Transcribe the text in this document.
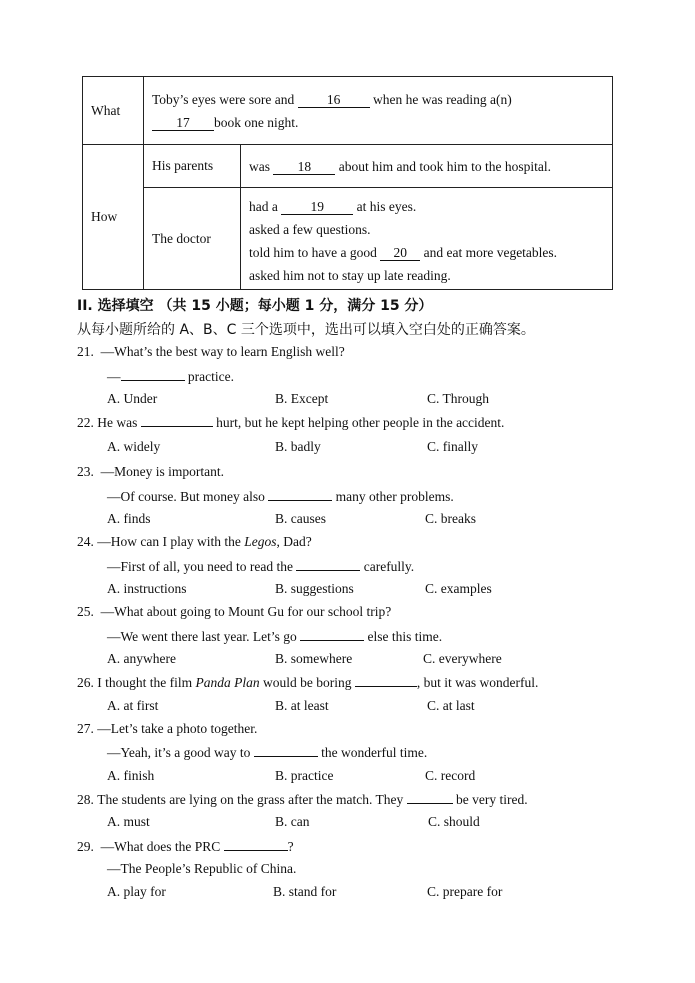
What	Toby’s eyes were sore and 16 when he was reading a(n)
17 book one night.	

How	His parents	was 18 about him and took him to the hospital.

	The doctor	had a 19 at his eyes.
asked a few questions.
told him to have a good 20 and eat more vegetables.
asked him not to stay up late reading.
II. 选择填空 （共 15 小题；每小题 1 分，满分 15 分）
从每小题所给的 A、B、C 三个选项中，选出可以填入空白处的正确答案。
21. —What’s the best way to learn English well?
—	practice.
A. Under	B. Except	C. Through
22. He was	hurt, but he kept helping other people in the accident.
A. widely	B. badly	C. finally
23. —Money is important.
—Of course. But money also	many other problems.
A. finds	B. causes	C. breaks
24. —How can I play with the Legos, Dad?
—First of all, you need to read the	carefully.
A. instructions	B. suggestions	C. examples
25. —What about going to Mount Gu for our school trip?
—We went there last year. Let’s go	else this time.
A. anywhere	B. somewhere	C. everywhere
26. I thought the film Panda Plan would be boring	, but it was wonderful.
A. at first	B. at least	C. at last
27. —Let’s take a photo together.
—Yeah, it’s a good way to	the wonderful time.
A. finish	B. practice	C. record
28. The students are lying on the grass after the match. They	be very tired.
A. must	B. can	C. should
29. —What does the PRC	?
—The People’s Republic of China.
A. play for	B. stand for	C. prepare for
